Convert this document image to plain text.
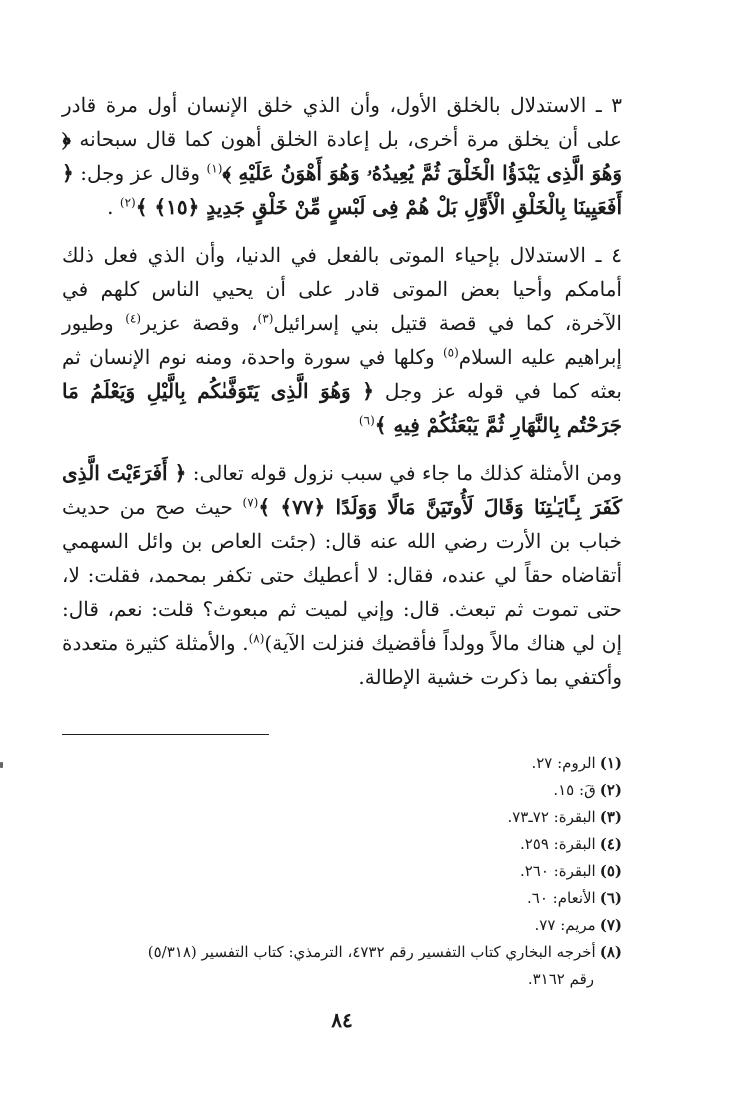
٣ ـ الاستدلال بالخلق الأول، وأن الذي خلق الإنسان أول مرة قادر على أن يخلق مرة أخرى، بل إعادة الخلق أهون كما قال سبحانه ﴿ وَهُوَ الَّذِى يَبْدَؤُا الْخَلْقَ ثُمَّ يُعِيدُهُۥ وَهُوَ أَهْوَنُ عَلَيْهِ ﴾$^{(١)}$ وقال عز وجل: ﴿ أَفَعَيِينَا بِالْخَلْقِ الْأَوَّلِ بَلْ هُمْ فِى لَبْسٍ مِّنْ خَلْقٍ جَدِيدٍ ﴿١٥﴾ ﴾$^{(٢)}$ .

٤ ـ الاستدلال بإحياء الموتى بالفعل في الدنيا، وأن الذي فعل ذلك أمامكم وأحيا بعض الموتى قادر على أن يحيي الناس كلهم في الآخرة، كما في قصة قتيل بني إسرائيل$^{(٣)}$، وقصة عزير$^{(٤)}$ وطيور إبراهيم عليه السلام$^{(٥)}$ وكلها في سورة واحدة، ومنه نوم الإنسان ثم بعثه كما في قوله عز وجل ﴿ وَهُوَ الَّذِى يَتَوَفَّىٰكُم بِالَّيْلِ وَيَعْلَمُ مَا جَرَحْتُم بِالنَّهَارِ ثُمَّ يَبْعَثُكُمْ فِيهِ ﴾$^{(٦)}$

ومن الأمثلة كذلك ما جاء في سبب نزول قوله تعالى: ﴿ أَفَرَءَيْتَ الَّذِى كَفَرَ بِـَٔايَـٰتِنَا وَقَالَ لَأُوتَيَنَّ مَالًا وَوَلَدًا ﴿٧٧﴾ ﴾$^{(٧)}$ حيث صح من حديث خباب بن الأرت رضي الله عنه قال: (جئت العاص بن وائل السهمي أتقاضاه حقاً لي عنده، فقال: لا أعطيك حتى تكفر بمحمد، فقلت: لا، حتى تموت ثم تبعث. قال: وإني لميت ثم مبعوث؟ قلت: نعم، قال: إن لي هناك مالاً وولداً فأقضيك فنزلت الآية)$^{(٨)}$. والأمثلة كثيرة متعددة وأكتفي بما ذكرت خشية الإطالة.

(١)الروم: ٢٧.

(٢)قَ: ١٥.

(٣)البقرة: ٧٢ـ٧٣.

(٤)البقرة: ٢٥٩.

(٥)البقرة: ٢٦٠.

(٦)الأنعام: ٦٠.

(٧)مريم: ٧٧.

(٨)أخرجه البخاري كتاب التفسير رقم ٤٧٣٢، الترمذي: كتاب التفسير (٥/٣١٨)

رقم ٣١٦٢.

٨٤
